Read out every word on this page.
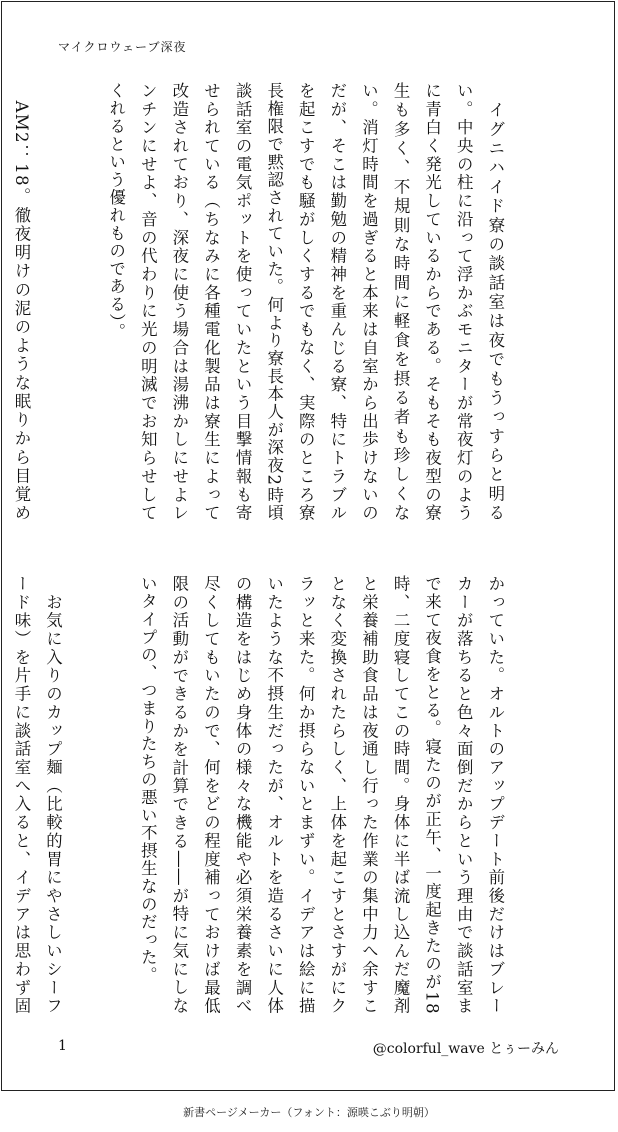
マイクロウェーブ深夜

　イグニハイド寮の談話室は夜でもうっすらと明るい。中央の柱に沿って浮かぶモニターが常夜灯のように青白く発光しているからである。そもそも夜型の寮生も多く、不規則な時間に軽食を摂る者も珍しくない。消灯時間を過ぎると本来は自室から出歩けないのだが、そこは勤勉の精神を重んじる寮、特にトラブルを起こすでも騒がしくするでもなく、実際のところ寮長権限で黙認されていた。何より寮長本人が深夜2時頃談話室の電気ポットを使っていたという目撃情報も寄せられている（ちなみに各種電化製品は寮生によって改造されており、深夜に使う場合は湯沸かしにせよレンチンにせよ、音の代わりに光の明滅でお知らせしてくれるという優れものである）。

　AM2：18。徹夜明けの泥のような眠りから目覚め

かっていた。オルトのアップデート前後だけはブレーカーが落ちると色々面倒だからという理由で談話室まで来て夜食をとる。寝たのが正午、一度起きたのが18時、二度寝してこの時間。身体に半ば流し込んだ魔剤と栄養補助食品は夜通し行った作業の集中力へ余すことなく変換されたらしく、上体を起こすとさすがにクラッと来た。何か摂らないとまずい。イデアは絵に描いたような不摂生だったが、オルトを造るさいに人体の構造をはじめ身体の様々な機能や必須栄養素を調べ尽くしてもいたので、何をどの程度補っておけば最低限の活動ができるかを計算できる――が特に気にしないタイプの、つまりたちの悪い不摂生なのだった。

　お気に入りのカップ麺（比較的胃にやさしいシーフード味）を片手に談話室へ入ると、イデアは思わず固

1	@colorful_wave とぅーみん
新書ページメーカー（フォント：源暎こぶり明朝）
